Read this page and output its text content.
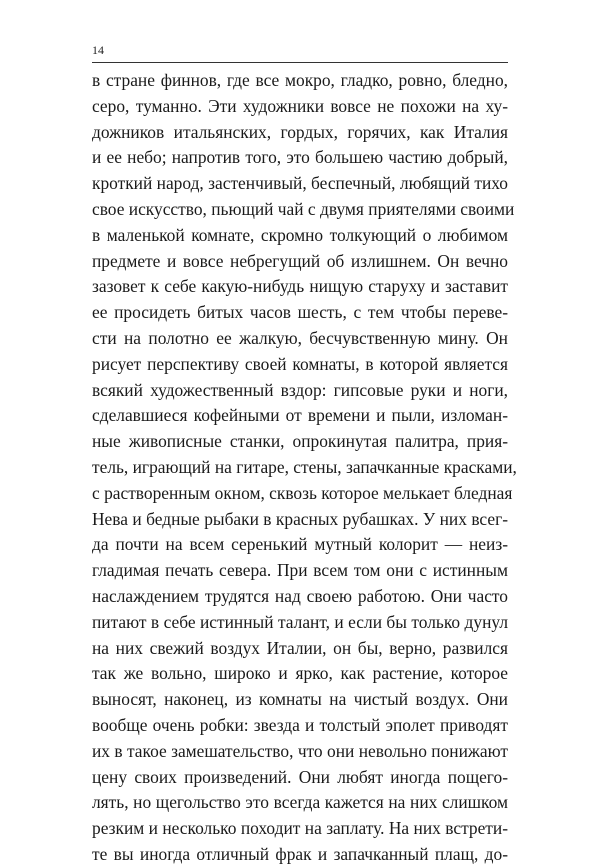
14
в стране финнов, где все мокро, гладко, ровно, бледно,
серо, туманно. Эти художники вовсе не похожи на ху-
дожников итальянских, гордых, горячих, как Италия
и ее небо; напротив того, это большею частию добрый,
кроткий народ, застенчивый, беспечный, любящий тихо
свое искусство, пьющий чай с двумя приятелями своими
в маленькой комнате, скромно толкующий о любимом
предмете и вовсе небрегущий об излишнем. Он вечно
зазовет к себе какую-нибудь нищую старуху и заставит
ее просидеть битых часов шесть, с тем чтобы переве-
сти на полотно ее жалкую, бесчувственную мину. Он
рисует перспективу своей комнаты, в которой является
всякий художественный вздор: гипсовые руки и ноги,
сделавшиеся кофейными от времени и пыли, изломан-
ные живописные станки, опрокинутая палитра, прия-
тель, играющий на гитаре, стены, запачканные красками,
с растворенным окном, сквозь которое мелькает бледная
Нева и бедные рыбаки в красных рубашках. У них всег-
да почти на всем серенький мутный колорит — неиз-
гладимая печать севера. При всем том они с истинным
наслаждением трудятся над своею работою. Они часто
питают в себе истинный талант, и если бы только дунул
на них свежий воздух Италии, он бы, верно, развился
так же вольно, широко и ярко, как растение, которое
выносят, наконец, из комнаты на чистый воздух. Они
вообще очень робки: звезда и толстый эполет приводят
их в такое замешательство, что они невольно понижают
цену своих произведений. Они любят иногда пощего-
лять, но щегольство это всегда кажется на них слишком
резким и несколько походит на заплату. На них встрети-
те вы иногда отличный фрак и запачканный плащ, до-
